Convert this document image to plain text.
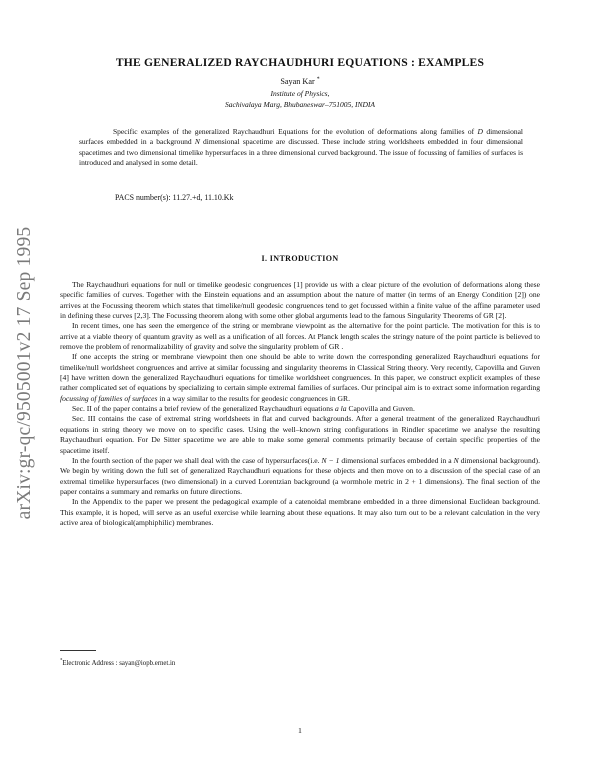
arXiv:gr-qc/9505001v2 17 Sep 1995
THE GENERALIZED RAYCHAUDHURI EQUATIONS : EXAMPLES
Sayan Kar *
Institute of Physics,
Sachivalaya Marg, Bhubaneswar–751005, INDIA

Specific examples of the generalized Raychaudhuri Equations for the evolution of deformations along families of D dimensional surfaces embedded in a background N dimensional spacetime are discussed. These include string worldsheets embedded in four dimensional spacetimes and two dimensional timelike hypersurfaces in a three dimensional curved background. The issue of focussing of families of surfaces is introduced and analysed in some detail.

PACS number(s): 11.27.+d, 11.10.Kk
I. INTRODUCTION

The Raychaudhuri equations for null or timelike geodesic congruences [1] provide us with a clear picture of the evolution of deformations along these specific families of curves. Together with the Einstein equations and an assumption about the nature of matter (in terms of an Energy Condition [2]) one arrives at the Focussing theorem which states that timelike/null geodesic congruences tend to get focussed within a finite value of the affine parameter used in defining these curves [2,3]. The Focussing theorem along with some other global arguments lead to the famous Singularity Theorems of GR [2].

In recent times, one has seen the emergence of the string or membrane viewpoint as the alternative for the point particle. The motivation for this is to arrive at a viable theory of quantum gravity as well as a unification of all forces. At Planck length scales the stringy nature of the point particle is believed to remove the problem of renormalizability of gravity and solve the singularity problem of GR .

If one accepts the string or membrane viewpoint then one should be able to write down the corresponding generalized Raychaudhuri equations for timelike/null worldsheet congruences and arrive at similar focussing and singularity theorems in Classical String theory. Very recently, Capovilla and Guven [4] have written down the generalized Raychaudhuri equations for timelike worldsheet congruences. In this paper, we construct explicit examples of these rather complicated set of equations by specializing to certain simple extremal families of surfaces. Our principal aim is to extract some information regarding focussing of families of surfaces in a way similar to the results for geodesic congruences in GR.

Sec. II of the paper contains a brief review of the generalized Raychaudhuri equations a la Capovilla and Guven.

Sec. III contains the case of extremal string worldsheets in flat and curved backgrounds. After a general treatment of the generalized Raychaudhuri equations in string theory we move on to specific cases. Using the well–known string configurations in Rindler spacetime we analyse the resulting Raychaudhuri equation. For De Sitter spacetime we are able to make some general comments primarily because of certain specific properties of the spacetime itself.

In the fourth section of the paper we shall deal with the case of hypersurfaces(i.e. N − 1 dimensional surfaces embedded in a N dimensional background). We begin by writing down the full set of generalized Raychaudhuri equations for these objects and then move on to a discussion of the special case of an extremal timelike hypersurfaces (two dimensional) in a curved Lorentzian background (a wormhole metric in 2 + 1 dimensions). The final section of the paper contains a summary and remarks on future directions.

In the Appendix to the paper we present the pedagogical example of a catenoidal membrane embedded in a three dimensional Euclidean background. This example, it is hoped, will serve as an useful exercise while learning about these equations. It may also turn out to be a relevant calculation in the very active area of biological(amphiphilic) membranes.

*Electronic Address : sayan@iopb.ernet.in
1
